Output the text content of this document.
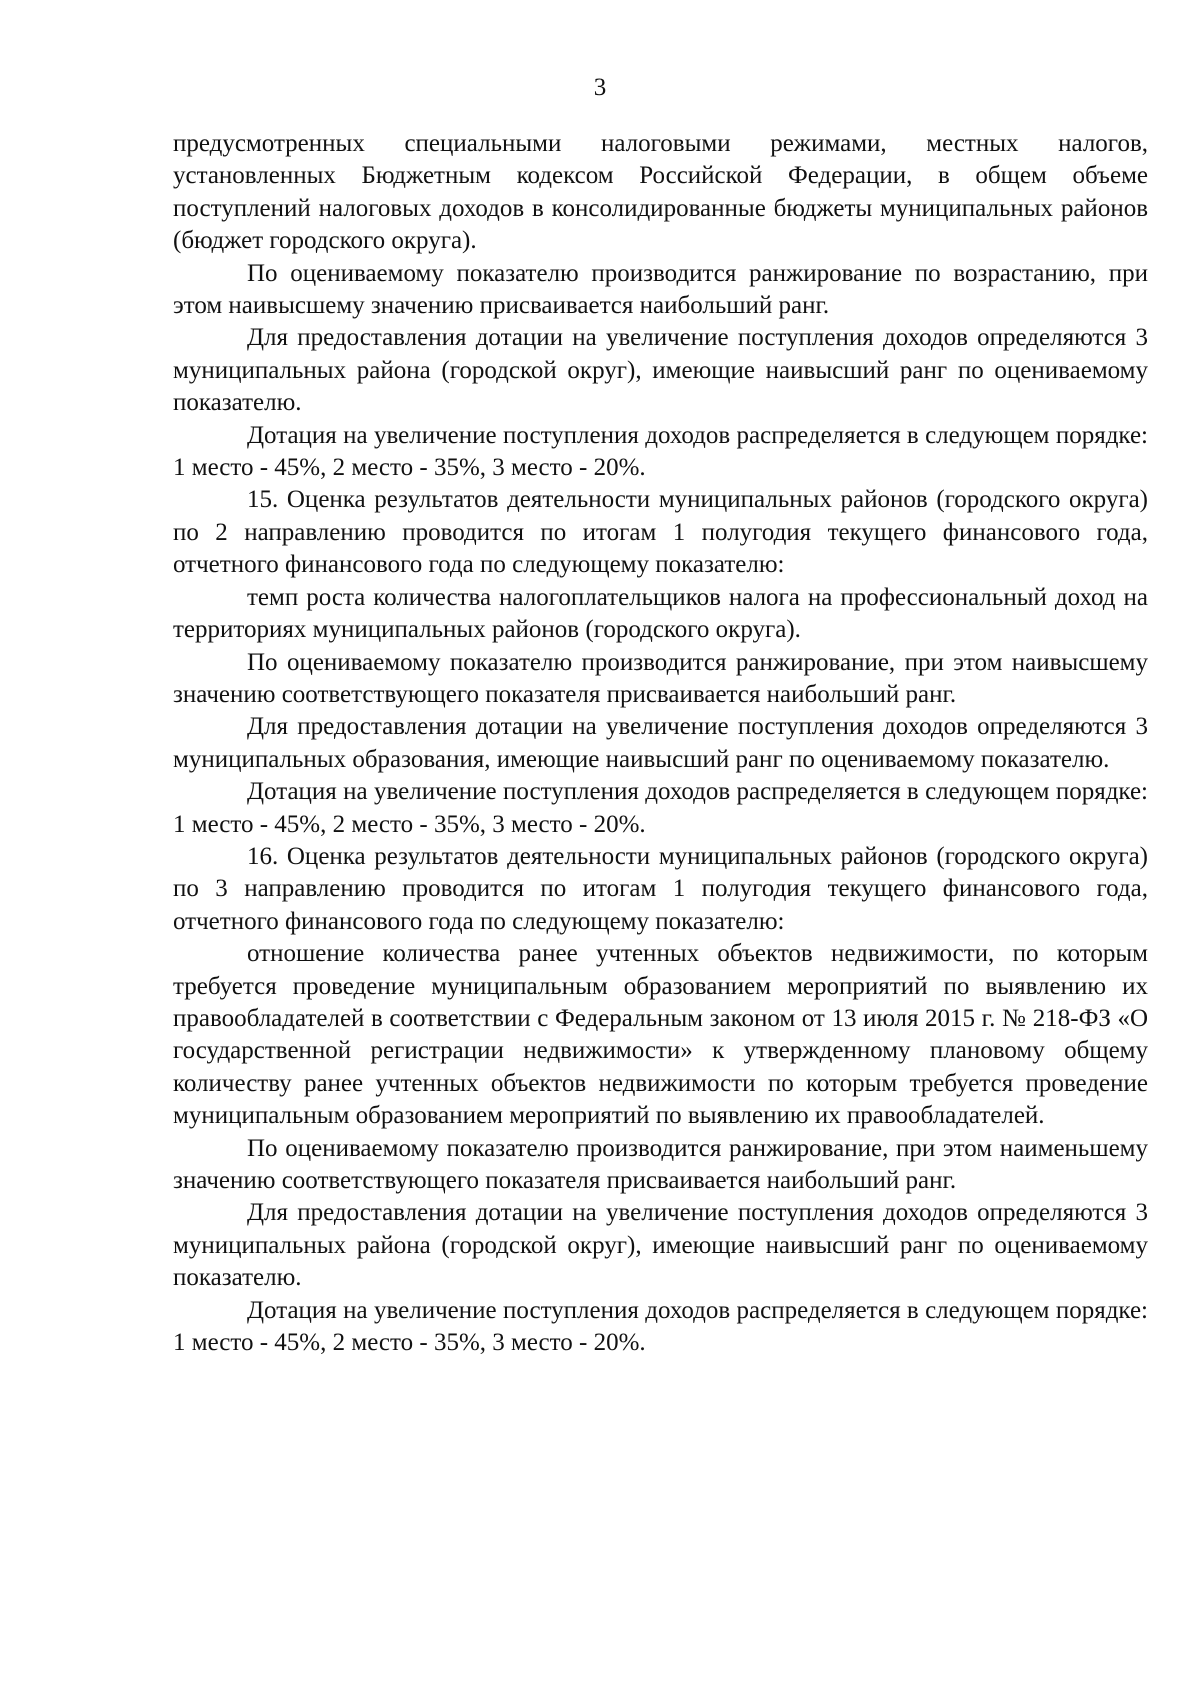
3

предусмотренных специальными налоговыми режимами, местных налогов, установленных Бюджетным кодексом Российской Федерации, в общем объеме поступлений налоговых доходов в консолидированные бюджеты муниципальных районов (бюджет городского округа).

По оцениваемому показателю производится ранжирование по возрастанию, при этом наивысшему значению присваивается наибольший ранг.

Для предоставления дотации на увеличение поступления доходов определяются 3 муниципальных района (городской округ), имеющие наивысший ранг по оцениваемому показателю.

Дотация на увеличение поступления доходов распределяется в следующем порядке: 1 место - 45%, 2 место - 35%, 3 место - 20%.

15. Оценка результатов деятельности муниципальных районов (городского округа) по 2 направлению проводится по итогам 1 полугодия текущего финансового года, отчетного финансового года по следующему показателю:

темп роста количества налогоплательщиков налога на профессиональный доход на территориях муниципальных районов (городского округа).

По оцениваемому показателю производится ранжирование, при этом наивысшему значению соответствующего показателя присваивается наибольший ранг.

Для предоставления дотации на увеличение поступления доходов определяются 3 муниципальных образования, имеющие наивысший ранг по оцениваемому показателю.

Дотация на увеличение поступления доходов распределяется в следующем порядке: 1 место - 45%, 2 место - 35%, 3 место - 20%.

16. Оценка результатов деятельности муниципальных районов (городского округа) по 3 направлению проводится по итогам 1 полугодия текущего финансового года, отчетного финансового года по следующему показателю:

отношение количества ранее учтенных объектов недвижимости, по которым требуется проведение муниципальным образованием мероприятий по выявлению их правообладателей в соответствии с Федеральным законом от 13 июля 2015 г. № 218-ФЗ «О государственной регистрации недвижимости» к утвержденному плановому общему количеству ранее учтенных объектов недвижимости по которым требуется проведение муниципальным образованием мероприятий по выявлению их правообладателей.

По оцениваемому показателю производится ранжирование, при этом наименьшему значению соответствующего показателя присваивается наибольший ранг.

Для предоставления дотации на увеличение поступления доходов определяются 3 муниципальных района (городской округ), имеющие наивысший ранг по оцениваемому показателю.

Дотация на увеличение поступления доходов распределяется в следующем порядке: 1 место - 45%, 2 место - 35%, 3 место - 20%.
